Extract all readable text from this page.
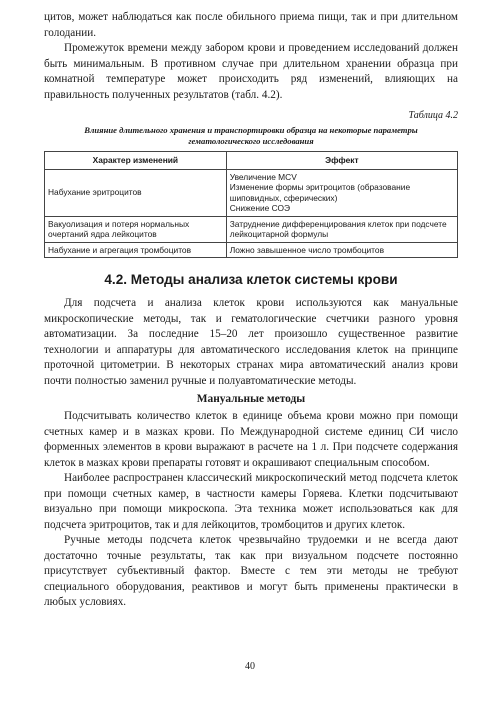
цитов, может наблюдаться как после обильного приема пищи, так и при длительном голодании.

Промежуток времени между забором крови и проведением исследований должен быть минимальным. В противном случае при длительном хранении образца при комнатной температуре может происходить ряд изменений, влияющих на правильность полученных результатов (табл. 4.2).

Таблица 4.2
Влияние длительного хранения и транспортировки образца на некоторые параметры гематологического исследования
Характер изменений	Эффект
Набухание эритроцитов	Увеличение MCV
Изменение формы эритроцитов (образование шиповидных, сферических)
Снижение СОЭ

Вакуолизация и потеря нормальных очертаний ядра лейкоцитов	Затруднение дифференцирования клеток при подсчете лейкоцитарной формулы

Набухание и агрегация тромбоцитов	Ложно завышенное число тромбоцитов
4.2. Методы анализа клеток системы крови

Для подсчета и анализа клеток крови используются как мануальные микроскопические методы, так и гематологические счетчики разного уровня автоматизации. За последние 15–20 лет произошло существенное развитие технологии и аппаратуры для автоматического исследования клеток на принципе проточной цитометрии. В некоторых странах мира автоматический анализ крови почти полностью заменил ручные и полуавтоматические методы.

Мануальные методы

Подсчитывать количество клеток в единице объема крови можно при помощи счетных камер и в мазках крови. По Международной системе единиц СИ число форменных элементов в крови выражают в расчете на 1 л. При подсчете содержания клеток в мазках крови препараты готовят и окрашивают специальным способом.

Наиболее распространен классический микроскопический метод подсчета клеток при помощи счетных камер, в частности камеры Горяева. Клетки подсчитывают визуально при помощи микроскопа. Эта техника может использоваться как для подсчета эритроцитов, так и для лейкоцитов, тромбоцитов и других клеток.

Ручные методы подсчета клеток чрезвычайно трудоемки и не всегда дают достаточно точные результаты, так как при визуальном подсчете постоянно присутствует субъективный фактор. Вместе с тем эти методы не требуют специального оборудования, реактивов и могут быть применены практически в любых условиях.

40
